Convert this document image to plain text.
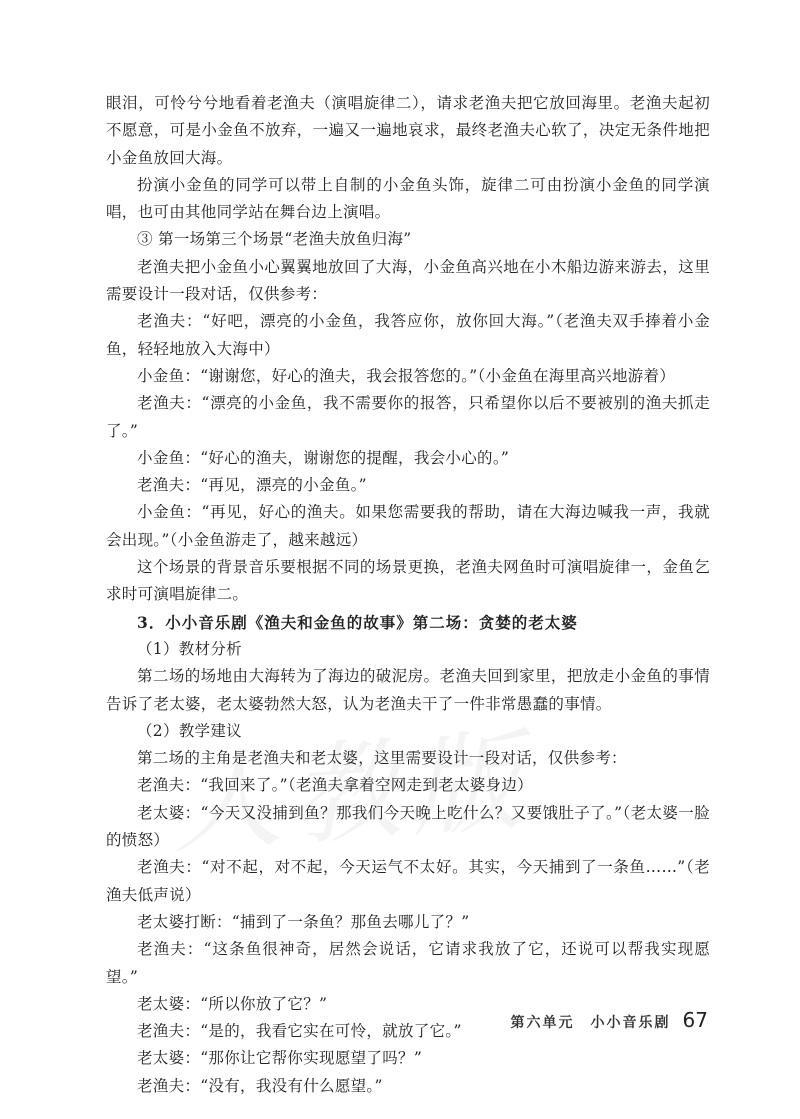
眼泪，可怜兮兮地看着老渔夫（演唱旋律二），请求老渔夫把它放回海里。老渔夫起初不愿意，可是小金鱼不放弃，一遍又一遍地哀求，最终老渔夫心软了，决定无条件地把小金鱼放回大海。

扮演小金鱼的同学可以带上自制的小金鱼头饰，旋律二可由扮演小金鱼的同学演唱，也可由其他同学站在舞台边上演唱。

③ 第一场第三个场景“老渔夫放鱼归海”

老渔夫把小金鱼小心翼翼地放回了大海，小金鱼高兴地在小木船边游来游去，这里需要设计一段对话，仅供参考：

老渔夫：“好吧，漂亮的小金鱼，我答应你，放你回大海。”（老渔夫双手捧着小金鱼，轻轻地放入大海中）

小金鱼：“谢谢您，好心的渔夫，我会报答您的。”（小金鱼在海里高兴地游着）

老渔夫：“漂亮的小金鱼，我不需要你的报答，只希望你以后不要被别的渔夫抓走了。”

小金鱼：“好心的渔夫，谢谢您的提醒，我会小心的。”

老渔夫：“再见，漂亮的小金鱼。”

小金鱼：“再见，好心的渔夫。如果您需要我的帮助，请在大海边喊我一声，我就会出现。”（小金鱼游走了，越来越远）

这个场景的背景音乐要根据不同的场景更换，老渔夫网鱼时可演唱旋律一，金鱼乞求时可演唱旋律二。

3．小小音乐剧《渔夫和金鱼的故事》第二场：贪婪的老太婆

（1）教材分析

第二场的场地由大海转为了海边的破泥房。老渔夫回到家里，把放走小金鱼的事情告诉了老太婆，老太婆勃然大怒，认为老渔夫干了一件非常愚蠢的事情。

（2）教学建议

第二场的主角是老渔夫和老太婆，这里需要设计一段对话，仅供参考：

老渔夫：“我回来了。”（老渔夫拿着空网走到老太婆身边）

老太婆：“今天又没捕到鱼？那我们今天晚上吃什么？又要饿肚子了。”（老太婆一脸的愤怒）

老渔夫：“对不起，对不起，今天运气不太好。其实，今天捕到了一条鱼……”（老渔夫低声说）

老太婆打断：“捕到了一条鱼？那鱼去哪儿了？”

老渔夫：“这条鱼很神奇，居然会说话，它请求我放了它，还说可以帮我实现愿望。”

老太婆：“所以你放了它？”

老渔夫：“是的，我看它实在可怜，就放了它。”

老太婆：“那你让它帮你实现愿望了吗？”

老渔夫：“没有，我没有什么愿望。”

第六单元　小小音乐剧 67
